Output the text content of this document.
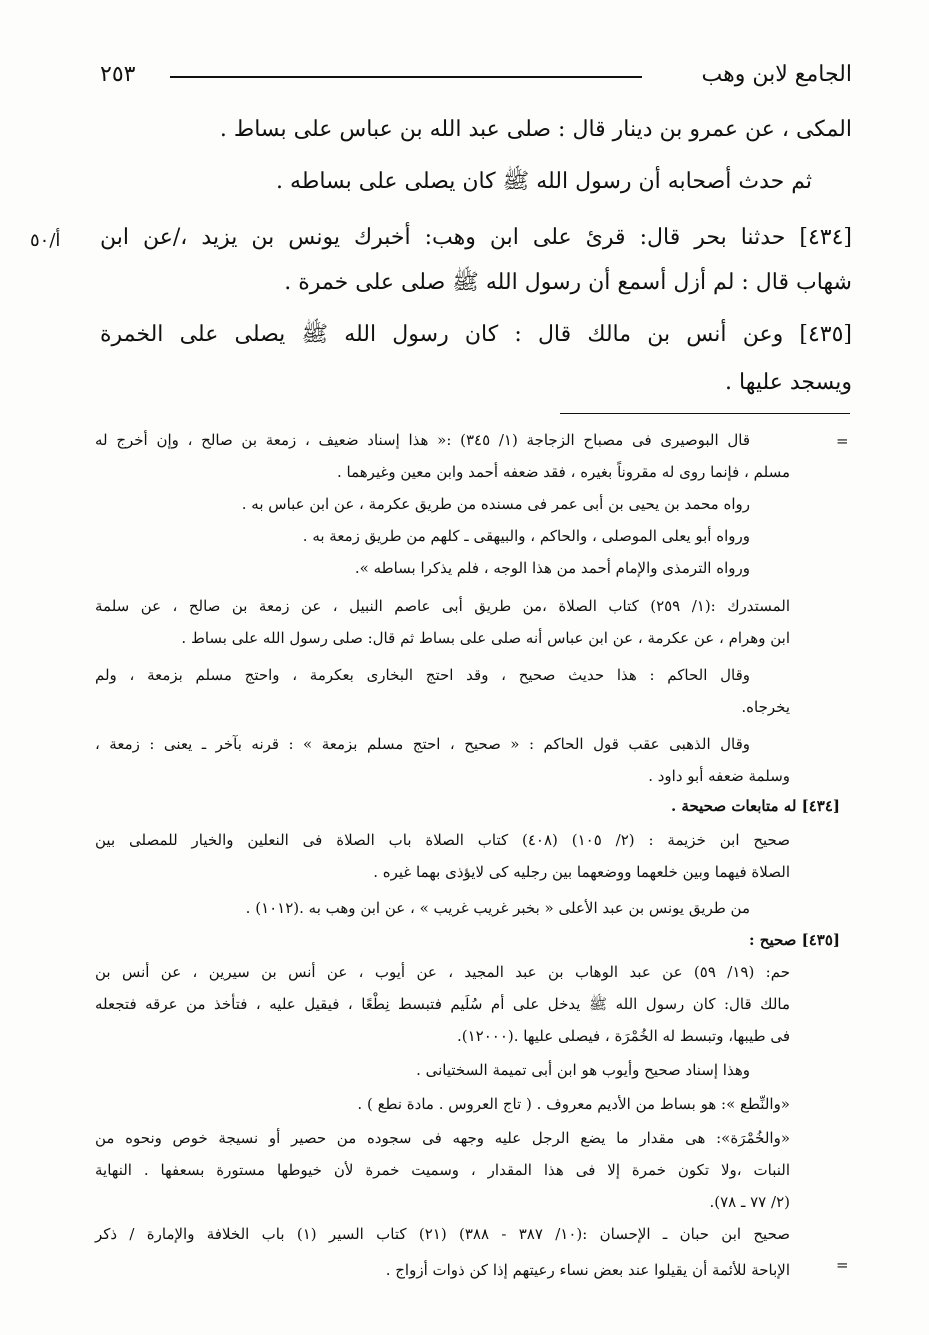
الجامع لابن وهب
٢٥٣
أ/٥٠
المكى ، عن عمرو بن دينار قال : صلى عبد الله بن عباس على بساط .
ثم حدث أصحابه أن رسول الله ﷺ كان يصلى على بساطه .
[٤٣٤] حدثنا بحر قال: قرئ على ابن وهب: أخبرك يونس بن يزيد ،/عن ابن
شهاب قال : لم أزل أسمع أن رسول الله ﷺ صلى على خمرة .
[٤٣٥] وعن أنس بن مالك قال : كان رسول الله ﷺ يصلى على الخمرة
ويسجد عليها .
=
=
قال البوصيرى فى مصباح الزجاجة (١/ ٣٤٥) :« هذا إسناد ضعيف ، زمعة بن صالح ، وإن أخرج له
مسلم ، فإنما روى له مقروناً بغيره ، فقد ضعفه أحمد وابن معين وغيرهما .
رواه محمد بن يحيى بن أبى عمر فى مسنده من طريق عكرمة ، عن ابن عباس به .
ورواه أبو يعلى الموصلى ، والحاكم ، والبيهقى ـ كلهم من طريق زمعة به .
ورواه الترمذى والإمام أحمد من هذا الوجه ، فلم يذكرا بساطه ».
المستدرك :(١/ ٢٥٩) كتاب الصلاة ،من طريق أبى عاصم النبيل ، عن زمعة بن صالح ، عن سلمة
ابن وهرام ، عن عكرمة ، عن ابن عباس أنه صلى على بساط ثم قال: صلى رسول الله على بساط .
وقال الحاكم : هذا حديث صحيح ، وقد احتج البخارى بعكرمة ، واحتج مسلم بزمعة ، ولم
يخرجاه.
وقال الذهبى عقب قول الحاكم : « صحيح ، احتج مسلم بزمعة » : قرنه بآخر ـ يعنى : زمعة ،
وسلمة ضعفه أبو داود .
[٤٣٤] له متابعات صحيحة .
صحيح ابن خزيمة : (٢/ ١٠٥) (٤٠٨) كتاب الصلاة باب الصلاة فى النعلين والخيار للمصلى بين
الصلاة فيهما وبين خلعهما ووضعهما بين رجليه كى لايؤذى بهما غيره .
من طريق يونس بن عبد الأعلى « بخبر غريب غريب » ، عن ابن وهب به .(١٠١٢) .
[٤٣٥] صحيح :
حم: (١٩/ ٥٩) عن عبد الوهاب بن عبد المجيد ، عن أيوب ، عن أنس بن سيرين ، عن أنس بن
مالك قال: كان رسول الله ﷺ يدخل على أم سُلَيم فتبسط نِطْعًا ، فيقيل عليه ، فتأخذ من عرقه فتجعله
فى طيبها، وتبسط له الخُمْرَة ، فيصلى عليها .(١٢٠٠٠).
وهذا إسناد صحيح وأيوب هو ابن أبى تميمة السختيانى .
«والنِّطع »: هو بساط من الأديم معروف . ( تاج العروس . مادة نطع ) .
«والخُمْرَة»: هى مقدار ما يضع الرجل عليه وجهه فى سجوده من حصير أو نسيجة خوص ونحوه من
النبات ،ولا تكون خمرة إلا فى هذا المقدار ، وسميت خمرة لأن خيوطها مستورة بسعفها . النهاية
(٢/ ٧٧ ـ ٧٨).
صحيح ابن حبان ـ الإحسان :(١٠/ ٣٨٧ - ٣٨٨) (٢١) كتاب السير (١) باب الخلافة والإمارة / ذكر
الإباحة للأئمة أن يقيلوا عند بعض نساء رعيتهم إذا كن ذوات أزواج .
